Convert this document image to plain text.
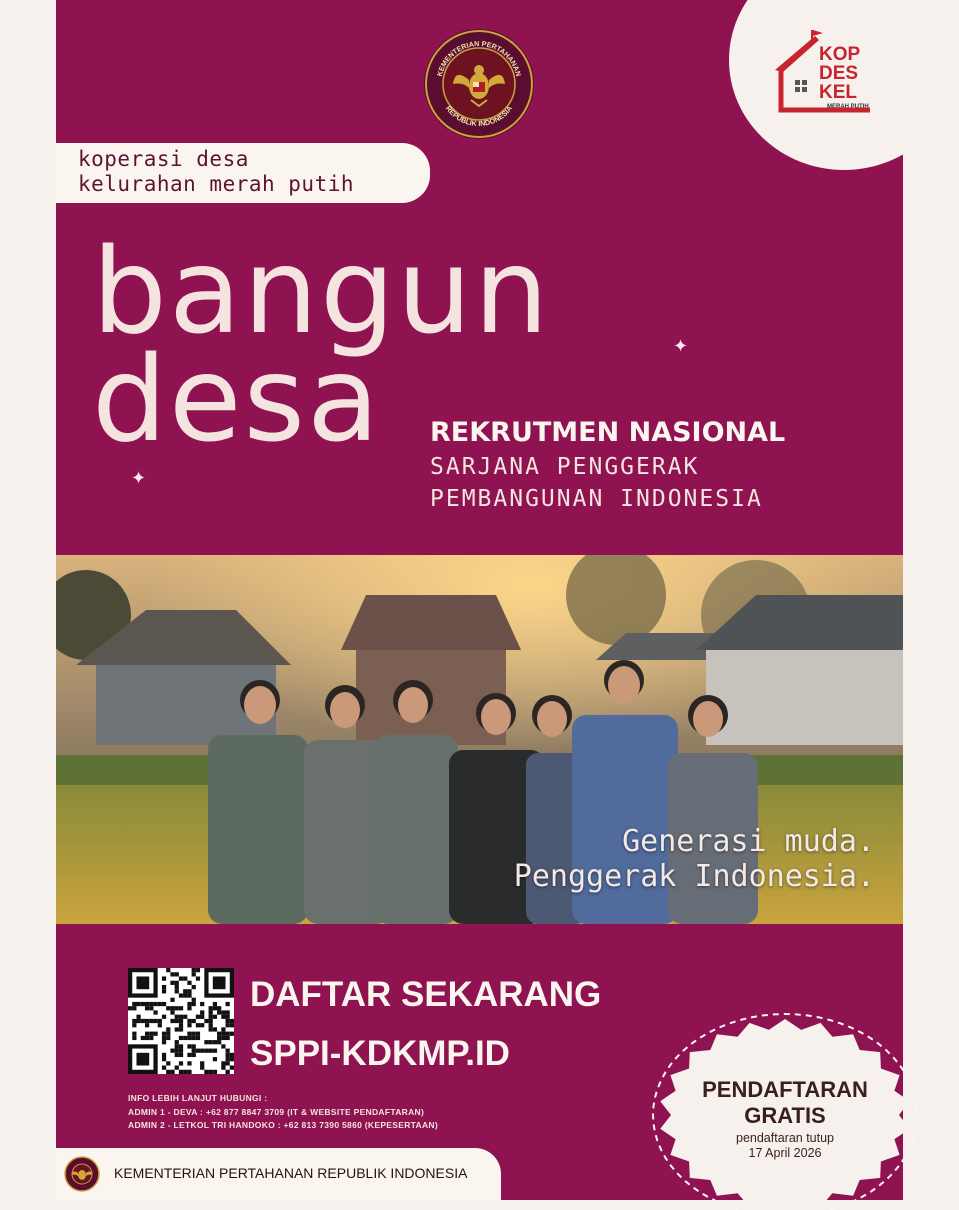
KOP
DES
KEL
MERAH PUTIH
KEMENTERIAN PERTAHANAN
REPUBLIK INDONESIA
koperasi desa
kelurahan merah putih
bangun
desa	✦
✦
REKRUTMEN NASIONAL
SARJANA PENGGERAK
PEMBANGUNAN INDONESIA
Generasi muda.
Penggerak Indonesia.
DAFTAR SEKARANG
SPPI-KDKMP.ID
INFO LEBIH LANJUT HUBUNGI :
ADMIN 1 - DEVA : +62 877 8847 3709 (IT & WEBSITE PENDAFTARAN)
ADMIN 2 - LETKOL TRI HANDOKO : +62 813 7390 5860 (KEPESERTAAN)
PENDAFTARAN
GRATIS
pendaftaran tutup
17 April 2026
KEMENTERIAN PERTAHANAN REPUBLIK INDONESIA
